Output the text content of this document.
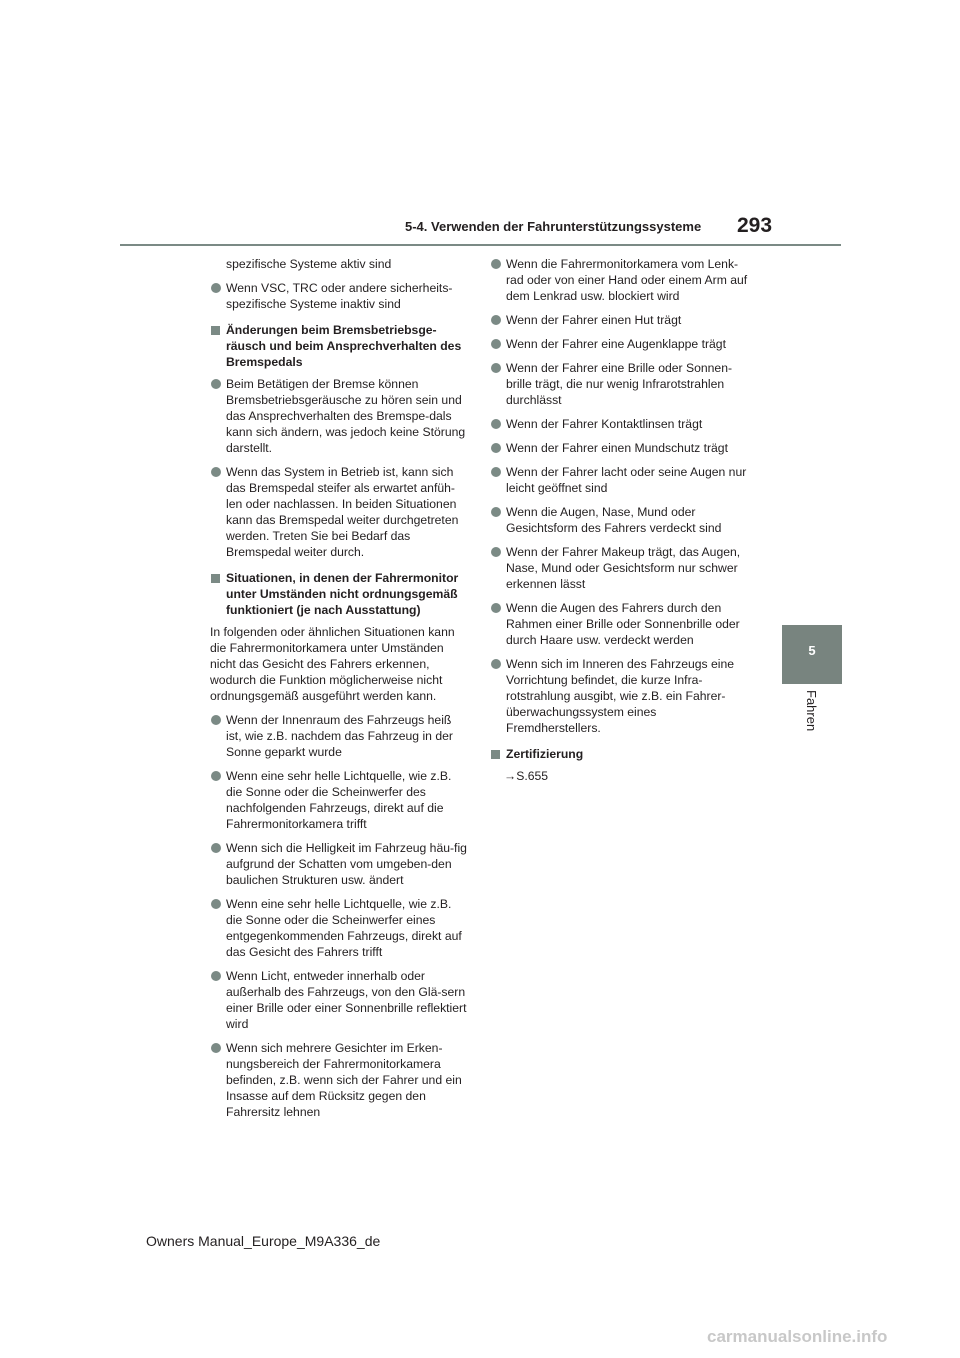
5-4. Verwenden der Fahrunterstützungssysteme 293
5
Fahren

spezifische Systeme aktiv sind

Wenn VSC, TRC oder andere sicherheits-spezifische Systeme inaktiv sind
Änderungen beim Bremsbetriebsge-räusch und beim Ansprechverhalten des Bremspedals
Beim Betätigen der Bremse können Bremsbetriebsgeräusche zu hören sein und das Ansprechverhalten des Bremspe-dals kann sich ändern, was jedoch keine Störung darstellt.
Wenn das System in Betrieb ist, kann sich das Bremspedal steifer als erwartet anfüh-len oder nachlassen. In beiden Situationen kann das Bremspedal weiter durchgetreten werden. Treten Sie bei Bedarf das Bremspedal weiter durch.
Situationen, in denen der Fahrermonitor unter Umständen nicht ordnungsgemäß funktioniert (je nach Ausstattung)

In folgenden oder ähnlichen Situationen kann die Fahrermonitorkamera unter Umständen nicht das Gesicht des Fahrers erkennen, wodurch die Funktion möglicherweise nicht ordnungsgemäß ausgeführt werden kann.

Wenn der Innenraum des Fahrzeugs heiß ist, wie z.B. nachdem das Fahrzeug in der Sonne geparkt wurde
Wenn eine sehr helle Lichtquelle, wie z.B. die Sonne oder die Scheinwerfer des nachfolgenden Fahrzeugs, direkt auf die Fahrermonitorkamera trifft
Wenn sich die Helligkeit im Fahrzeug häu-fig aufgrund der Schatten vom umgeben-den baulichen Strukturen usw. ändert
Wenn eine sehr helle Lichtquelle, wie z.B. die Sonne oder die Scheinwerfer eines entgegenkommenden Fahrzeugs, direkt auf das Gesicht des Fahrers trifft
Wenn Licht, entweder innerhalb oder außerhalb des Fahrzeugs, von den Glä-sern einer Brille oder einer Sonnenbrille reflektiert wird
Wenn sich mehrere Gesichter im Erken-nungsbereich der Fahrermonitorkamera befinden, z.B. wenn sich der Fahrer und ein Insasse auf dem Rücksitz gegen den Fahrersitz lehnen
Wenn die Fahrermonitorkamera vom Lenk-rad oder von einer Hand oder einem Arm auf dem Lenkrad usw. blockiert wird
Wenn der Fahrer einen Hut trägt
Wenn der Fahrer eine Augenklappe trägt
Wenn der Fahrer eine Brille oder Sonnen-brille trägt, die nur wenig Infrarotstrahlen durchlässt
Wenn der Fahrer Kontaktlinsen trägt
Wenn der Fahrer einen Mundschutz trägt
Wenn der Fahrer lacht oder seine Augen nur leicht geöffnet sind
Wenn die Augen, Nase, Mund oder Gesichtsform des Fahrers verdeckt sind
Wenn der Fahrer Makeup trägt, das Augen, Nase, Mund oder Gesichtsform nur schwer erkennen lässt
Wenn die Augen des Fahrers durch den Rahmen einer Brille oder Sonnenbrille oder durch Haare usw. verdeckt werden
Wenn sich im Inneren des Fahrzeugs eine Vorrichtung befindet, die kurze Infra-rotstrahlung ausgibt, wie z.B. ein Fahrer-überwachungssystem eines Fremdherstellers.
Zertifizierung

→S.655

Owners Manual_Europe_M9A336_de
carmanualsonline.info
